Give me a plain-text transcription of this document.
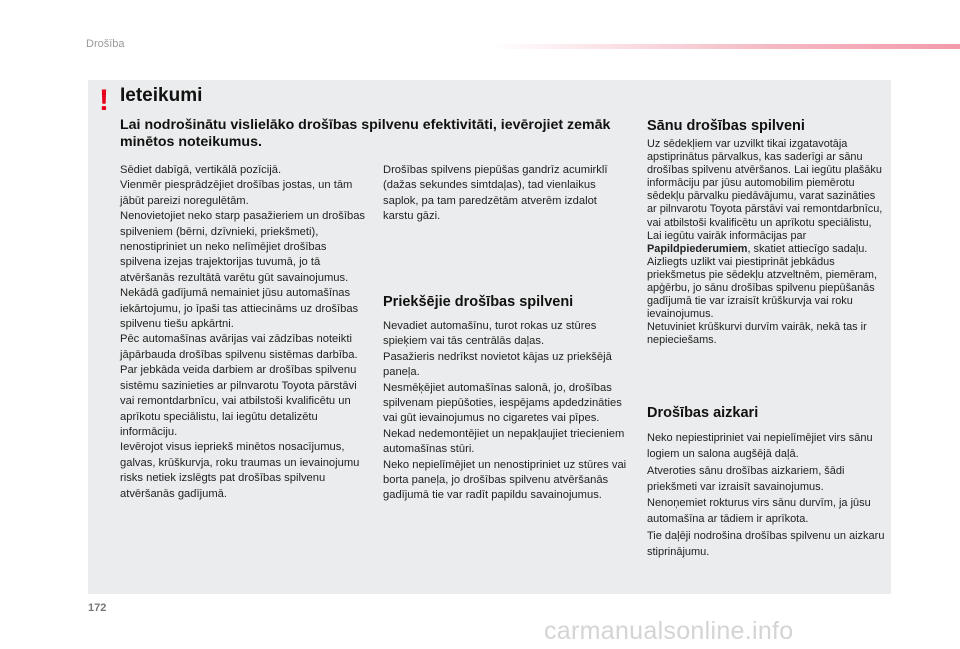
Drošība
! Ieteikumi
Lai nodrošinātu vislielāko drošības spilvenu efektivitāti, ievērojiet zemāk minētos noteikumus.

Sēdiet dabīgā, vertikālā pozīcijā.

Vienmēr piesprādzējiet drošības jostas, un tām jābūt pareizi noregulētām.

Nenovietojiet neko starp pasažieriem un drošības spilveniem (bērni, dzīvnieki, priekšmeti), nenostipriniet un neko nelīmējiet drošības spilvena izejas trajektorijas tuvumā, jo tā atvēršanās rezultātā varētu gūt savainojumus.

Nekādā gadījumā nemainiet jūsu automašīnas iekārtojumu, jo īpaši tas attiecināms uz drošības spilvenu tiešu apkārtni.

Pēc automašīnas avārijas vai zādzības noteikti jāpārbauda drošības spilvenu sistēmas darbība.

Par jebkāda veida darbiem ar drošības spilvenu sistēmu sazinieties ar pilnvarotu Toyota pārstāvi vai remontdarbnīcu, vai atbilstoši kvalificētu un aprīkotu speciālistu, lai iegūtu detalizētu informāciju.

Ievērojot visus iepriekš minētos nosacījumus, galvas, krūškurvja, roku traumas un ievainojumu risks netiek izslēgts pat drošības spilvenu atvēršanās gadījumā.

Drošības spilvens piepūšas gandrīz acumirklī (dažas sekundes simtdaļas), tad vienlaikus saplok, pa tam paredzētām atverēm izdalot karstu gāzi.

Priekšējie drošības spilveni

Nevadiet automašīnu, turot rokas uz stūres spieķiem vai tās centrālās daļas.

Pasažieris nedrīkst novietot kājas uz priekšējā paneļa.

Nesmēķējiet automašīnas salonā, jo, drošības spilvenam piepūšoties, iespējams apdedzināties vai gūt ievainojumus no cigaretes vai pīpes.

Nekad nedemontējiet un nepakļaujiet triecieniem automašīnas stūri.

Neko nepielīmējiet un nenostipriniet uz stūres vai borta paneļa, jo drošības spilvenu atvēršanās gadījumā tie var radīt papildu savainojumus.

Sānu drošības spilveni

Uz sēdekļiem var uzvilkt tikai izgatavotāja apstiprinātus pārvalkus, kas saderīgi ar sānu drošības spilvenu atvēršanos. Lai iegūtu plašāku informāciju par jūsu automobilim piemērotu sēdekļu pārvalku piedāvājumu, varat sazināties ar pilnvarotu Toyota pārstāvi vai remontdarbnīcu, vai atbilstoši kvalificētu un aprīkotu speciālistu,

Lai iegūtu vairāk informācijas par Papildpiederumiem, skatiet attiecīgo sadaļu.

Aizliegts uzlikt vai piestiprināt jebkādus priekšmetus pie sēdekļu atzveltnēm, piemēram, apģērbu, jo sānu drošības spilvenu piepūšanās gadījumā tie var izraisīt krūškurvja vai roku ievainojumus.

Netuviniet krūškurvi durvīm vairāk, nekā tas ir nepieciešams.

Drošības aizkari

Neko nepiestipriniet vai nepielīmējiet virs sānu logiem un salona augšējā daļā.

Atveroties sānu drošības aizkariem, šādi priekšmeti var izraisīt savainojumus.

Nenoņemiet rokturus virs sānu durvīm, ja jūsu automašīna ar tādiem ir aprīkota.

Tie daļēji nodrošina drošības spilvenu un aizkaru stiprinājumu.

172
carmanualsonline.info
